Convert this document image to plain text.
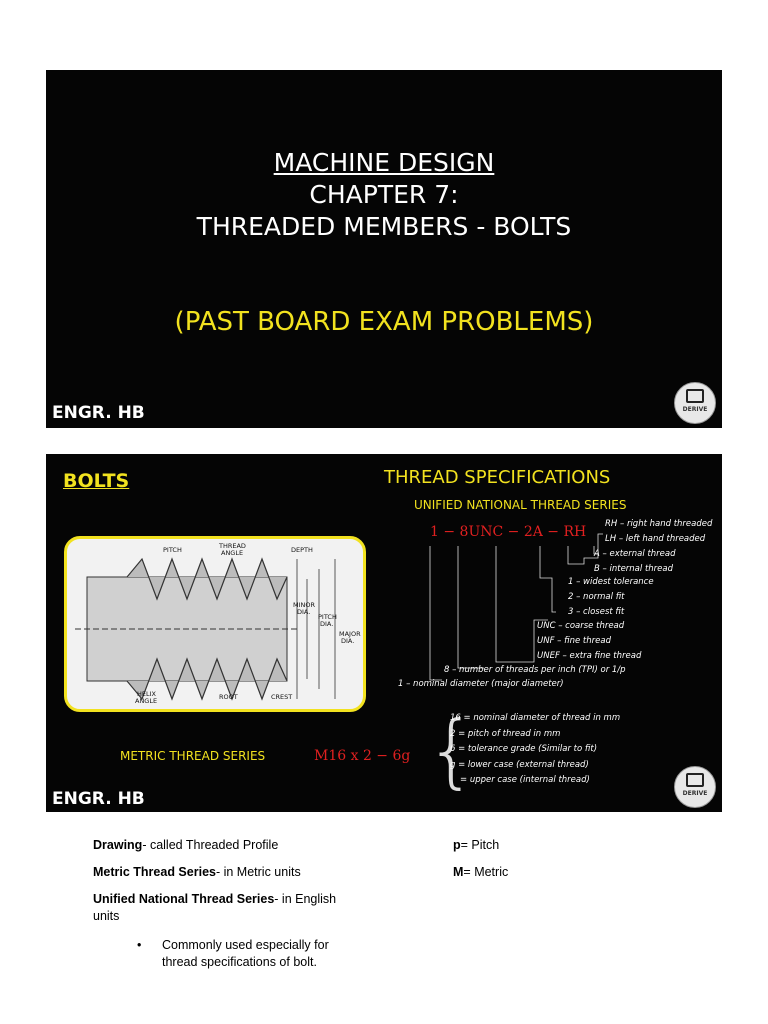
MACHINE DESIGN
CHAPTER 7:
THREADED MEMBERS - BOLTS
(PAST BOARD EXAM PROBLEMS)
ENGR. HB	DERIVE
BOLTS	THREAD SPECIFICATIONS
UNIFIED NATIONAL THREAD SERIES
PITCH	THREAD
ANGLE	DEPTH
MINOR
DIA.
PITCH
DIA.
MAJOR
DIA.
HELIX
ANGLE	ROOT	CREST
1 − 8UNC − 2A − RH RH – right hand threaded
LH – left hand threaded
A – external thread
B – internal thread
1 – widest tolerance
2 – normal fit
3 – closest fit
UNC – coarse thread
UNF – fine thread
UNEF – extra fine thread
8 – number of threads per inch (TPI) or 1/p
1 – nominal diameter (major diameter)
METRIC THREAD SERIES	M16 x 2 − 6g {
16 = nominal diameter of thread in mm
2 = pitch of thread in mm
6 = tolerance grade (Similar to fit)
g = lower case (external thread)
= upper case (internal thread)
ENGR. HB	DERIVE
Drawing- called Threaded Profile
Metric Thread Series- in Metric units
Unified National Thread Series- in English units
• Commonly used especially for thread specifications of bolt.
p= Pitch
M= Metric
